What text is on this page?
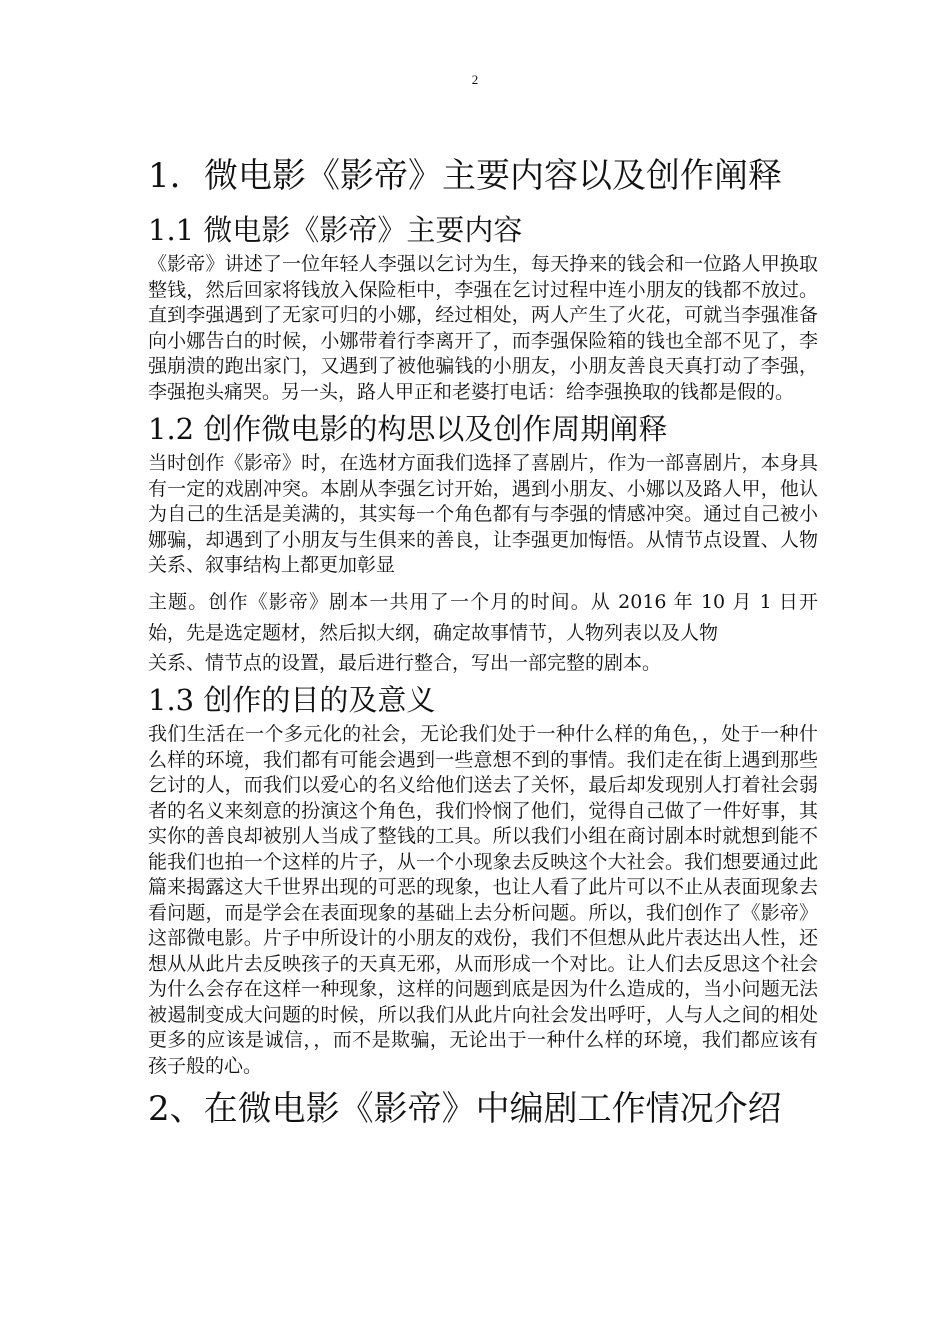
2
1. 微电影《影帝》主要内容以及创作阐释
1.1 微电影《影帝》主要内容

《影帝》讲述了一位年轻人李强以乞讨为生，每天挣来的钱会和一位路人甲换取整钱，然后回家将钱放入保险柜中，李强在乞讨过程中连小朋友的钱都不放过。直到李强遇到了无家可归的小娜，经过相处，两人产生了火花，可就当李强准备向小娜告白的时候，小娜带着行李离开了，而李强保险箱的钱也全部不见了，李强崩溃的跑出家门，又遇到了被他骗钱的小朋友，小朋友善良天真打动了李强，李强抱头痛哭。另一头，路人甲正和老婆打电话：给李强换取的钱都是假的。

1.2 创作微电影的构思以及创作周期阐释

当时创作《影帝》时，在选材方面我们选择了喜剧片，作为一部喜剧片，本身具有一定的戏剧冲突。本剧从李强乞讨开始，遇到小朋友、小娜以及路人甲，他认为自己的生活是美满的，其实每一个角色都有与李强的情感冲突。通过自己被小娜骗，却遇到了小朋友与生俱来的善良，让李强更加悔悟。从情节点设置、人物关系、叙事结构上都更加彰显

主题。创作《影帝》剧本一共用了一个月的时间。从 2016 年 10 月 1 日开始，先是选定题材，然后拟大纲，确定故事情节，人物列表以及人物

关系、情节点的设置，最后进行整合，写出一部完整的剧本。

1.3 创作的目的及意义

我们生活在一个多元化的社会，无论我们处于一种什么样的角色，，处于一种什么样的环境，我们都有可能会遇到一些意想不到的事情。我们走在街上遇到那些乞讨的人，而我们以爱心的名义给他们送去了关怀，最后却发现别人打着社会弱者的名义来刻意的扮演这个角色，我们怜悯了他们，觉得自己做了一件好事，其实你的善良却被别人当成了整钱的工具。所以我们小组在商讨剧本时就想到能不能我们也拍一个这样的片子，从一个小现象去反映这个大社会。我们想要通过此篇来揭露这大千世界出现的可恶的现象，也让人看了此片可以不止从表面现象去看问题，而是学会在表面现象的基础上去分析问题。所以，我们创作了《影帝》这部微电影。片子中所设计的小朋友的戏份，我们不但想从此片表达出人性，还想从从此片去反映孩子的天真无邪，从而形成一个对比。让人们去反思这个社会为什么会存在这样一种现象，这样的问题到底是因为什么造成的，当小问题无法被遏制变成大问题的时候，所以我们从此片向社会发出呼吁，人与人之间的相处更多的应该是诚信，，而不是欺骗，无论出于一种什么样的环境，我们都应该有孩子般的心。

2、在微电影《影帝》中编剧工作情况介绍
